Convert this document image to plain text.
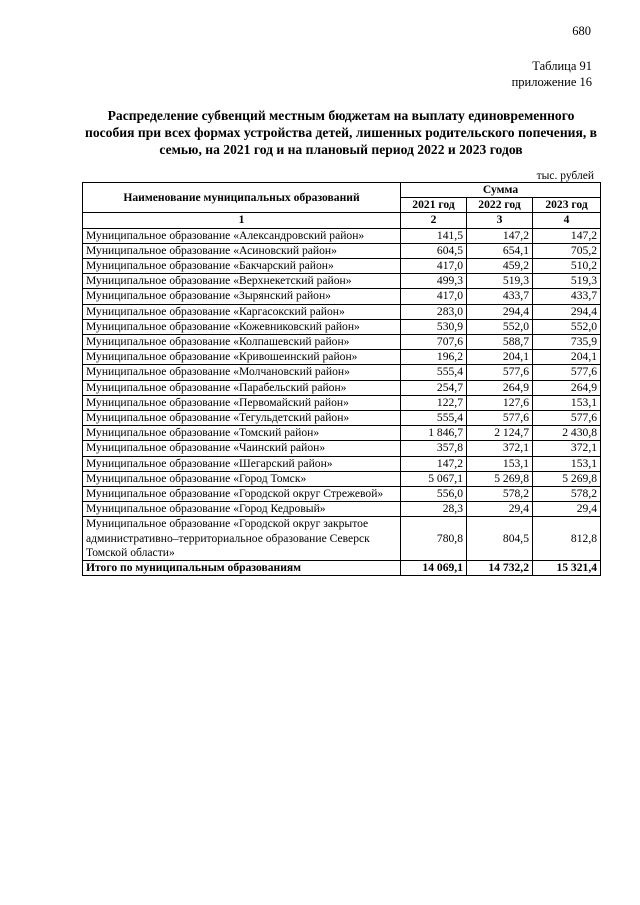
680
Таблица 91
приложение 16
Распределение субвенций местным бюджетам на выплату единовременного пособия при всех формах устройства детей, лишенных родительского попечения, в семью, на 2021 год и на плановый период 2022 и 2023 годов
тыс. рублей
Наименование муниципальных образований	Сумма		
	2021 год	2022 год	2023 год
1	2	3	4
Муниципальное образование «Александровский район»	141,5	147,2	147,2
Муниципальное образование «Асиновский район»	604,5	654,1	705,2
Муниципальное образование «Бакчарский район»	417,0	459,2	510,2
Муниципальное образование «Верхнекетский район»	499,3	519,3	519,3
Муниципальное образование «Зырянский район»	417,0	433,7	433,7
Муниципальное образование «Каргасокский район»	283,0	294,4	294,4
Муниципальное образование «Кожевниковский район»	530,9	552,0	552,0
Муниципальное образование «Колпашевский район»	707,6	588,7	735,9
Муниципальное образование «Кривошеинский район»	196,2	204,1	204,1
Муниципальное образование «Молчановский район»	555,4	577,6	577,6
Муниципальное образование «Парабельский район»	254,7	264,9	264,9
Муниципальное образование «Первомайский район»	122,7	127,6	153,1
Муниципальное образование «Тегульдетский район»	555,4	577,6	577,6
Муниципальное образование «Томский район»	1 846,7	2 124,7	2 430,8
Муниципальное образование «Чаинский район»	357,8	372,1	372,1
Муниципальное образование «Шегарский район»	147,2	153,1	153,1
Муниципальное образование «Город Томск»	5 067,1	5 269,8	5 269,8
Муниципальное образование «Городской округ Стрежевой»	556,0	578,2	578,2
Муниципальное образование «Город Кедровый»	28,3	29,4	29,4
Муниципальное образование «Городской округ закрытое административно–территориальное образование Северск Томской области»	780,8	804,5	812,8
Итого по муниципальным образованиям	14 069,1	14 732,2	15 321,4
